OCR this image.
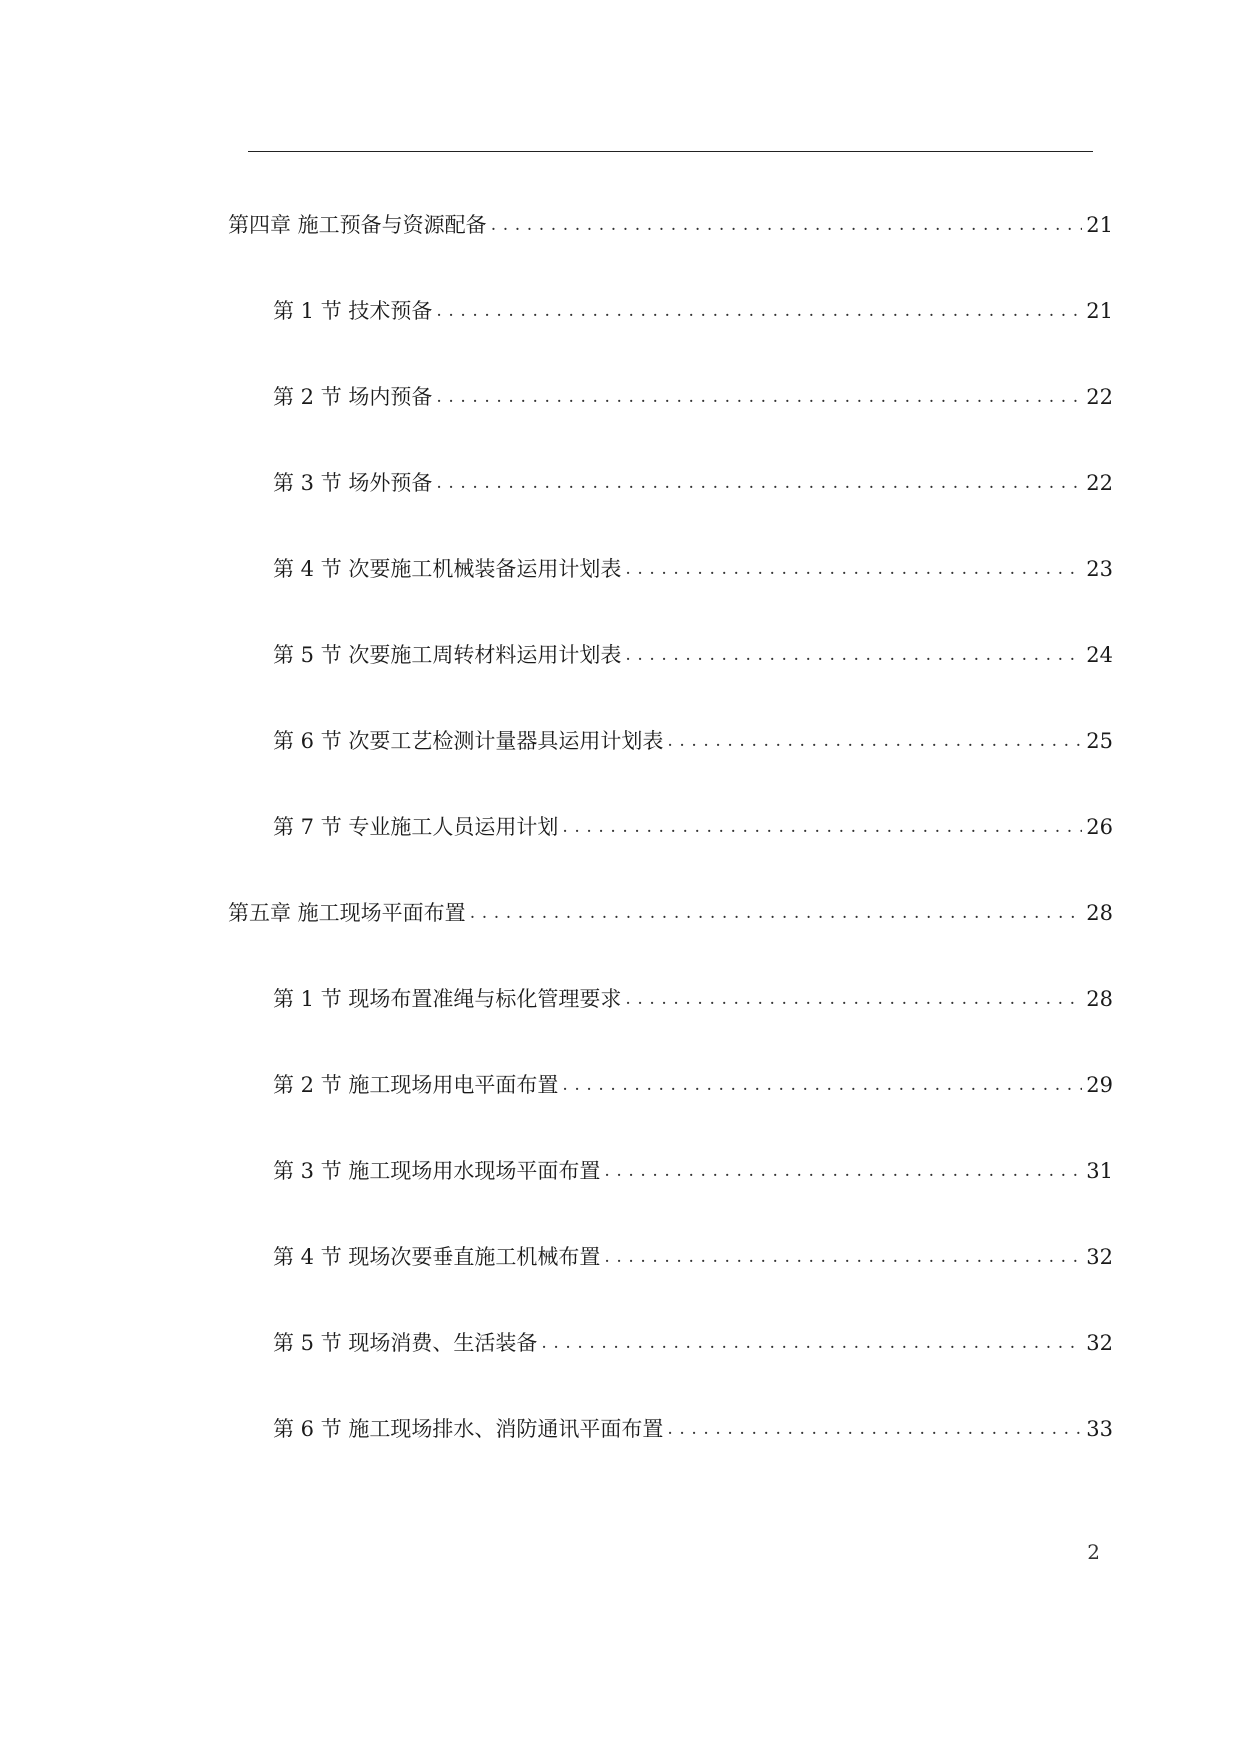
第四章 施工预备与资源配备 . . .	21
第 1 节 技术预备 . . .	21
第 2 节 场内预备 . . .	22
第 3 节 场外预备 . . .	22
第 4 节 次要施工机械装备运用计划表 . . .	23
第 5 节 次要施工周转材料运用计划表 . . .	24
第 6 节 次要工艺检测计量器具运用计划表 . . .	25
第 7 节 专业施工人员运用计划 . . .	26
第五章 施工现场平面布置 . . .	28
第 1 节 现场布置准绳与标化管理要求 . . .	28
第 2 节 施工现场用电平面布置 . . .	29
第 3 节 施工现场用水现场平面布置 . . .	31
第 4 节 现场次要垂直施工机械布置 . . .	32
第 5 节 现场消费、生活装备 . . .	32
第 6 节 施工现场排水、消防通讯平面布置 . . .	33
2
